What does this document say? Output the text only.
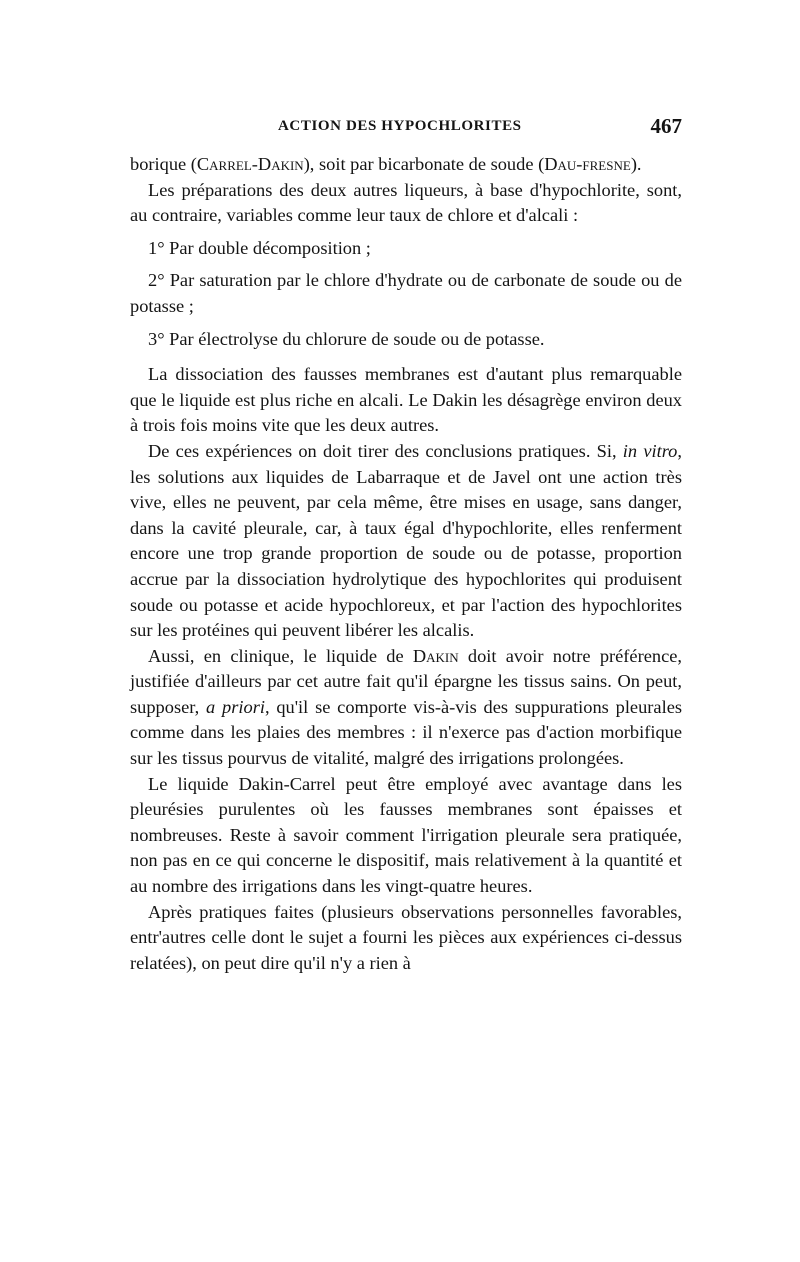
ACTION DES HYPOCHLORITES	467

borique (Carrel-Dakin), soit par bicarbonate de soude (Dau-fresne).

Les préparations des deux autres liqueurs, à base d'hypochlorite, sont, au contraire, variables comme leur taux de chlore et d'alcali :

1° Par double décomposition ;

2° Par saturation par le chlore d'hydrate ou de carbonate de soude ou de potasse ;

3° Par électrolyse du chlorure de soude ou de potasse.

La dissociation des fausses membranes est d'autant plus remarquable que le liquide est plus riche en alcali. Le Dakin les désagrège environ deux à trois fois moins vite que les deux autres.

De ces expériences on doit tirer des conclusions pratiques. Si, in vitro, les solutions aux liquides de Labarraque et de Javel ont une action très vive, elles ne peuvent, par cela même, être mises en usage, sans danger, dans la cavité pleurale, car, à taux égal d'hypochlorite, elles renferment encore une trop grande proportion de soude ou de potasse, proportion accrue par la dissociation hydrolytique des hypochlorites qui produisent soude ou potasse et acide hypochloreux, et par l'action des hypochlorites sur les protéines qui peuvent libérer les alcalis.

Aussi, en clinique, le liquide de Dakin doit avoir notre préférence, justifiée d'ailleurs par cet autre fait qu'il épargne les tissus sains. On peut, supposer, a priori, qu'il se comporte vis-à-vis des suppurations pleurales comme dans les plaies des membres : il n'exerce pas d'action morbifique sur les tissus pourvus de vitalité, malgré des irrigations prolongées.

Le liquide Dakin-Carrel peut être employé avec avantage dans les pleurésies purulentes où les fausses membranes sont épaisses et nombreuses. Reste à savoir comment l'irrigation pleurale sera pratiquée, non pas en ce qui concerne le dispositif, mais relativement à la quantité et au nombre des irrigations dans les vingt-quatre heures.

Après pratiques faites (plusieurs observations personnelles favorables, entr'autres celle dont le sujet a fourni les pièces aux expériences ci-dessus relatées), on peut dire qu'il n'y a rien à
